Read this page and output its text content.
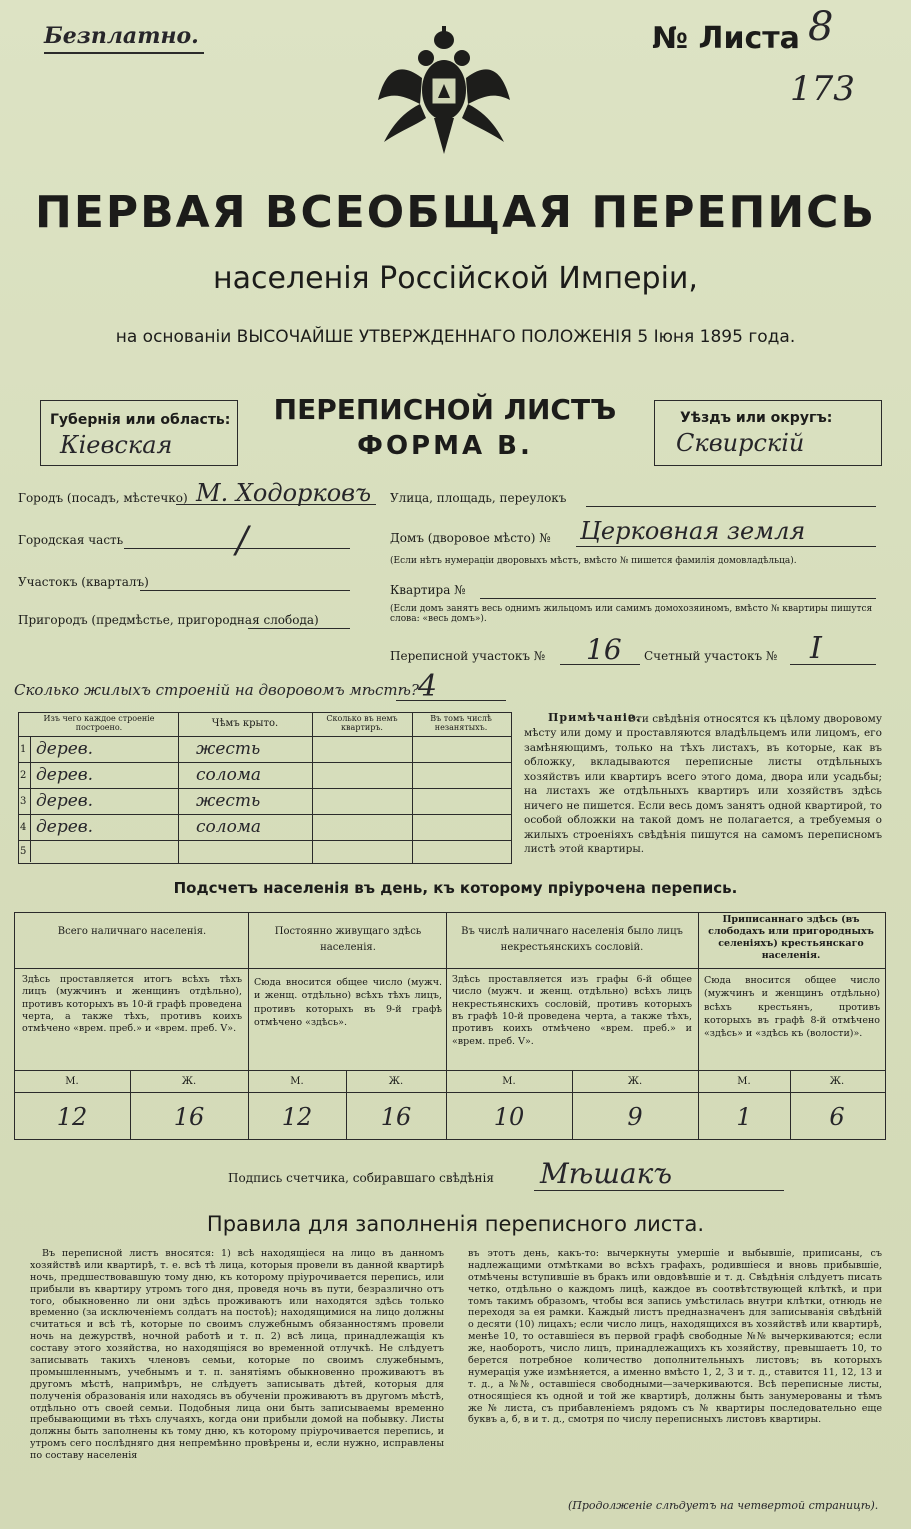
Безплатно.	№ Листа 8
173
ПЕРВАЯ ВСЕОБЩАЯ ПЕРЕПИСЬ
населенія Россійской Имперіи,
на основаніи ВЫСОЧАЙШЕ УТВЕРЖДЕННАГО ПОЛОЖЕНІЯ 5 Іюня 1895 года.
Губернія или область:
Кіевская
ПЕРЕПИСНОЙ ЛИСТЪ
ФОРМА В.
Уѣздъ или округъ:
Сквирскій
Городъ (посадъ, мѣстечко) М. Ходорковъ
Городская часть	/
Участокъ (кварталъ)
Пригородъ (предмѣстье, пригородная слобода)
Улица, площадь, переулокъ
Домъ (дворовое мѣсто) № Церковная земля
(Если нѣтъ нумераціи дворовыхъ мѣстъ, вмѣсто № пишется фамилія домовладѣльца).
Квартира №
(Если домъ занятъ весь однимъ жильцомъ или самимъ домохозяиномъ, вмѣсто № квартиры пишутся слова: «весь домъ»).
Переписной участокъ № 16 Счетный участокъ № I
Сколько жилыхъ строеній на дворовомъ мѣстѣ? 4
Изъ чего каждое строеніе построено.	Чѣмъ крыто.	Сколько въ немъ квартиръ.
Въ томъ числѣ незанятыхъ.
1 дерев.	жесть
2 дерев.	солома
3 дерев.	жесть
4 дерев.	солома
5
Примѣчаніе.
Эти свѣдѣнія относятся къ цѣлому дворовому мѣсту или дому и проставляются владѣльцемъ или лицомъ, его замѣняющимъ, только на тѣхъ листахъ, въ которые, как въ обложку, вкладываются переписные листы отдѣльныхъ хозяйствъ или квартиръ всего этого дома, двора или усадьбы; на листахъ же отдѣльныхъ квартиръ или хозяйствъ здѣсь ничего не пишется. Если весь домъ занятъ одной квартирой, то особой обложки на такой домъ не полагается, а требуемыя о жилыхъ строеніяхъ свѣдѣнія пишутся на самомъ переписномъ листѣ этой квартиры.
Подсчетъ населенія въ день, къ которому пріурочена перепись.
Всего наличнаго населенія.
Здѣсь проставляется итогъ всѣхъ тѣхъ лицъ (мужчинъ и женщинъ отдѣльно), противъ которыхъ въ 10-й графѣ проведена черта, а также тѣхъ, противъ коихъ отмѣчено «врем. преб.» и «врем. преб. V».
М.	Ж.
12	16
Постоянно живущаго здѣсь населенія.
Сюда вносится общее число (мужч. и женщ. отдѣльно) всѣхъ тѣхъ лицъ, противъ которыхъ въ 9-й графѣ отмѣчено «здѣсь».
М.	Ж.
12	16
Въ числѣ наличнаго населенія было лицъ некрестьянскихъ сословій.
Здѣсь проставляется изъ графы 6-й общее число (мужч. и женщ. отдѣльно) всѣхъ лицъ некрестьянскихъ сословій, противъ которыхъ въ графѣ 10-й проведена черта, а также тѣхъ, противъ коихъ отмѣчено «врем. преб.» и «врем. преб. V».
М.	Ж.
10	9
Приписаннаго здѣсь (въ слободахъ или пригородныхъ селеніяхъ) крестьянскаго населенія.
Сюда вносится общее число (мужчинъ и женщинъ отдѣльно) всѣхъ крестьянъ, противъ которыхъ въ графѣ 8-й отмѣчено «здѣсь» и «здѣсь къ (волости)».
М.	Ж.
1	6
Подпись счетчика, собиравшаго свѣдѣнія Мѣшакъ
Правила для заполненія переписного листа.
Въ переписной листъ вносятся: 1) всѣ находящіеся на лицо въ данномъ хозяйствѣ или квартирѣ, т. е. всѣ тѣ лица, которыя провели въ данной квартирѣ ночь, предшествовавшую тому дню, къ которому пріурочивается перепись, или прибыли въ квартиру утромъ того дня, проведя ночь въ пути, безразлично отъ того, обыкновенно ли они здѣсь проживаютъ или находятся здѣсь только временно (за исключеніемъ солдатъ на постоѣ); находящимися на лицо должны считаться и всѣ тѣ, которые по своимъ служебнымъ обязанностямъ провели ночь на дежурствѣ, ночной работѣ и т. п. 2) всѣ лица, принадлежащія къ составу этого хозяйства, но находящіяся во временной отлучкѣ. Не слѣдуетъ записывать такихъ членовъ семьи, которые по своимъ служебнымъ, промышленнымъ, учебнымъ и т. п. занятіямъ обыкновенно проживаютъ въ другомъ мѣстѣ, напримѣръ, не слѣдуетъ записывать дѣтей, которыя для полученія образованія или находясь въ обученіи проживаютъ въ другомъ мѣстѣ, отдѣльно отъ своей семьи. Подобныя лица они быть записываемы временно пребывающими въ тѣхъ случаяхъ, когда они прибыли домой на побывку. Листы должны быть заполнены къ тому дню, къ которому пріурочивается перепись, и утромъ сего послѣдняго дня непремѣнно провѣрены и, если нужно, исправлены по составу населенія
въ этотъ день, какъ-то: вычеркнуты умершіе и выбывшіе, приписаны, съ надлежащими отмѣтками во всѣхъ графахъ, родившіеся и вновь прибывшіе, отмѣчены вступившіе въ бракъ или овдовѣвшіе и т. д. Свѣдѣнія слѣдуетъ писать четко, отдѣльно о каждомъ лицѣ, каждое въ соотвѣтствующей клѣткѣ, и при томъ такимъ образомъ, чтобы вся запись умѣстилась внутри клѣтки, отнюдь не переходя за ея рамки. Каждый листъ предназначенъ для записыванія свѣдѣній о десяти (10) лицахъ; если число лицъ, находящихся въ хозяйствѣ или квартирѣ, менѣе 10, то оставшіеся въ первой графѣ свободные №№ вычеркиваются; если же, наоборотъ, число лицъ, принадлежащихъ къ хозяйству, превышаетъ 10, то берется потребное количество дополнительныхъ листовъ; въ которыхъ нумерація уже измѣняется, а именно вмѣсто 1, 2, 3 и т. д., ставится 11, 12, 13 и т. д., а №№, оставшіеся свободными—зачеркиваются. Всѣ переписные листы, относящіеся къ одной и той же квартирѣ, должны быть занумерованы и тѣмъ же № листа, съ прибавленіемъ рядомъ съ № квартиры последовательно еще буквъ а, б, в и т. д., смотря по числу переписныхъ листовъ квартиры.
(Продолженіе слѣдуетъ на четвертой страницѣ).
